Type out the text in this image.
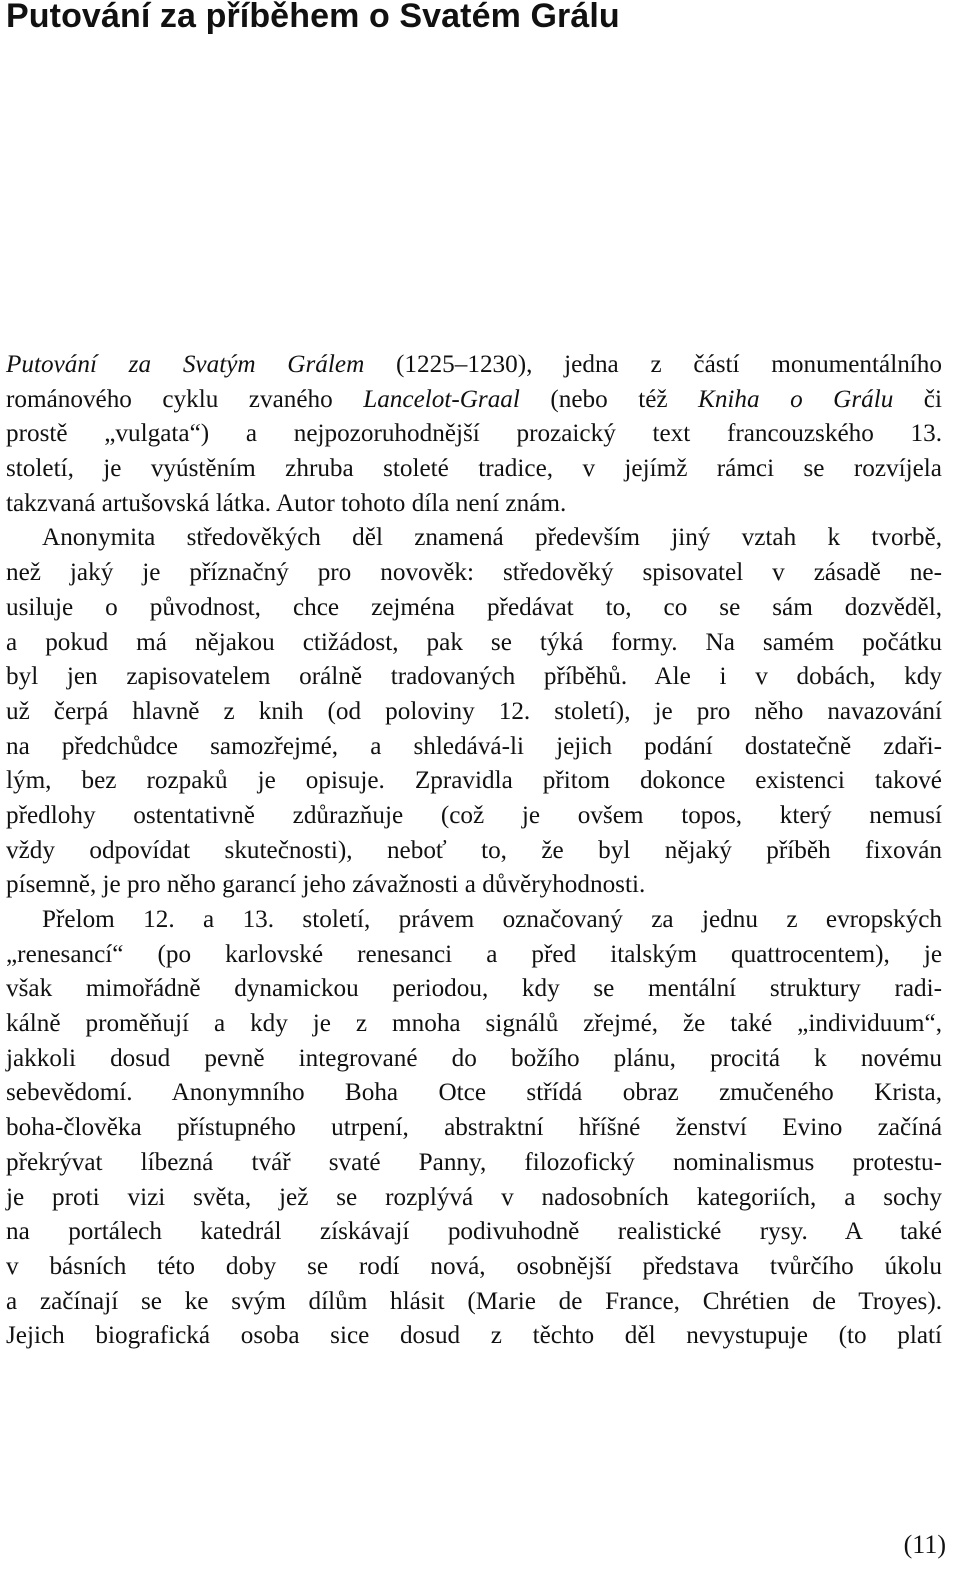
Putování za příběhem o Svatém Grálu
Putování za Svatým Grálem (1225–1230), jedna z částí monumentálního
románového cyklu zvaného Lancelot-Graal (nebo též Kniha o Grálu či
prostě „vulgata“) a nejpozoruhodnější prozaický text francouzského 13.
století, je vyústěním zhruba stoleté tradice, v jejímž rámci se rozvíjela
takzvaná artušovská látka. Autor tohoto díla není znám.
Anonymita středověkých děl znamená především jiný vztah k tvorbě,
než jaký je příznačný pro novověk: středověký spisovatel v zásadě ne-
usiluje o původnost, chce zejména předávat to, co se sám dozvěděl,
a pokud má nějakou ctižádost, pak se týká formy. Na samém počátku
byl jen zapisovatelem orálně tradovaných příběhů. Ale i v dobách, kdy
už čerpá hlavně z knih (od poloviny 12. století), je pro něho navazování
na předchůdce samozřejmé, a shledává-li jejich podání dostatečně zdaři-
lým, bez rozpaků je opisuje. Zpravidla přitom dokonce existenci takové
předlohy ostentativně zdůrazňuje (což je ovšem topos, který nemusí
vždy odpovídat skutečnosti), neboť to, že byl nějaký příběh fixován
písemně, je pro něho garancí jeho závažnosti a důvěryhodnosti.
Přelom 12. a 13. století, právem označovaný za jednu z evropských
„renesancí“ (po karlovské renesanci a před italským quattrocentem), je
však mimořádně dynamickou periodou, kdy se mentální struktury radi-
kálně proměňují a kdy je z mnoha signálů zřejmé, že také „individuum“,
jakkoli dosud pevně integrované do božího plánu, procitá k novému
sebevědomí. Anonymního Boha Otce střídá obraz zmučeného Krista,
boha-člověka přístupného utrpení, abstraktní hříšné ženství Evino začíná
překrývat líbezná tvář svaté Panny, filozofický nominalismus protestu-
je proti vizi světa, jež se rozplývá v nadosobních kategoriích, a sochy
na portálech katedrál získávají podivuhodně realistické rysy. A také
v básních této doby se rodí nová, osobnější představa tvůrčího úkolu
a začínají se ke svým dílům hlásit (Marie de France, Chrétien de Troyes).
Jejich biografická osoba sice dosud z těchto děl nevystupuje (to platí
(11)
